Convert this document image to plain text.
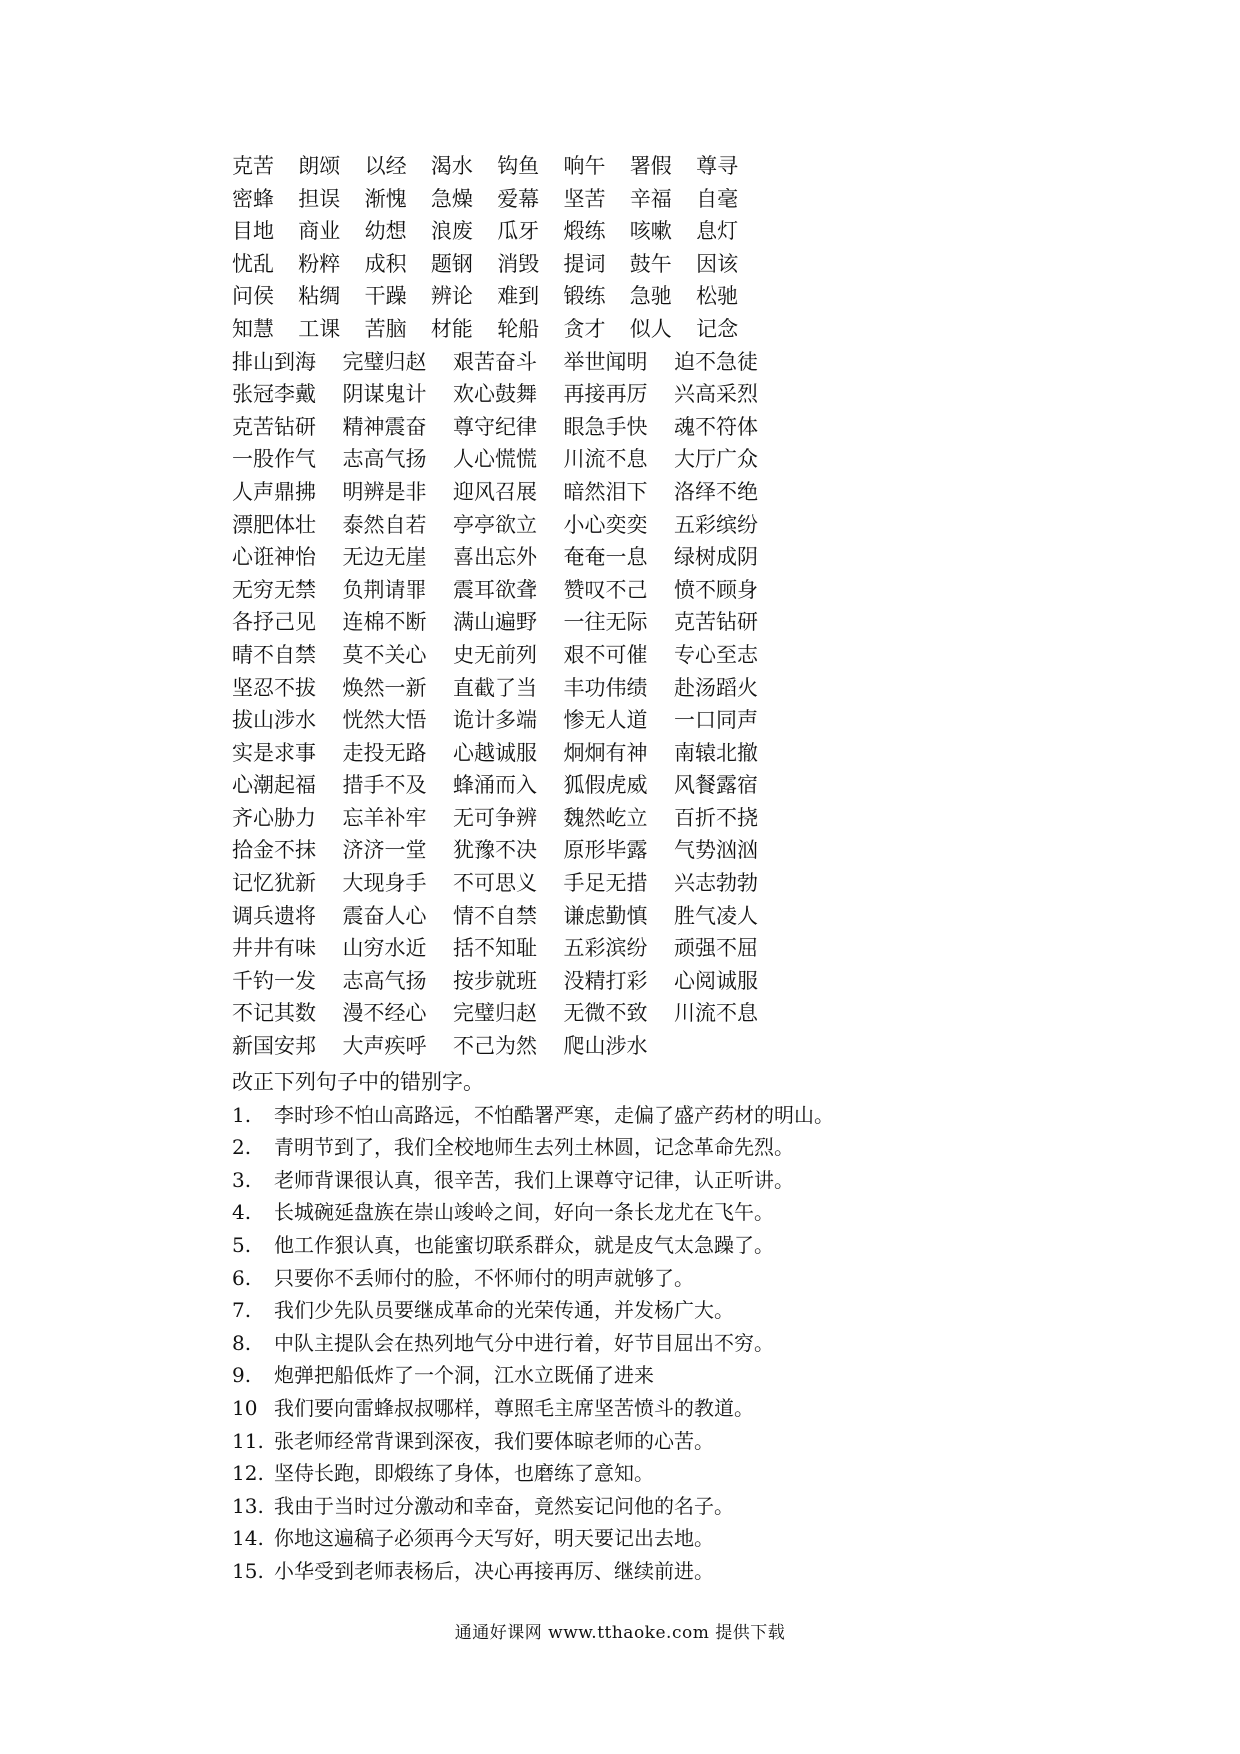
克苦	朗颂	以经	渴水	钩鱼	响午	署假	尊寻
密蜂	担误	渐愧	急燥	爱幕	坚苦	辛福	自毫
目地	商业	幼想	浪废	瓜牙	煅练	咳嗽	息灯
忧乱	粉粹	成积	题钢	消毁	提词	鼓午	因该
问侯	粘绸	干躁	辨论	难到	锻练	急驰	松驰
知慧	工课	苦脑	材能	轮船	贪才	似人	记念
排山到海	完璧归赵	艰苦奋斗	举世闻明	迫不急徒
张冠李戴	阴谋鬼计	欢心鼓舞	再接再厉	兴高采烈
克苦钻研	精神震奋	尊守纪律	眼急手快	魂不符体
一股作气	志高气扬	人心慌慌	川流不息	大厅广众
人声鼎拂	明辨是非	迎风召展	暗然泪下	洛绎不绝
漂肥体壮	泰然自若	亭亭欲立	小心奕奕	五彩缤纷
心诳神怡	无边无崖	喜出忘外	奄奄一息	绿树成阴
无穷无禁	负荆请罪	震耳欲聋	赞叹不己	愤不顾身
各抒己见	连棉不断	满山遍野	一往无际	克苦钻研
晴不自禁	莫不关心	史无前列	艰不可催	专心至志
坚忍不拔	焕然一新	直截了当	丰功伟绩	赴汤蹈火
拔山涉水	恍然大悟	诡计多端	惨无人道	一口同声
实是求事	走投无路	心越诚服	炯炯有神	南辕北撤
心潮起福	措手不及	蜂涌而入	狐假虎威	风餐露宿
齐心胁力	忘羊补牢	无可争辨	魏然屹立	百折不挠
拾金不抹	济济一堂	犹豫不决	原形毕露	气势汹汹
记忆犹新	大现身手	不可思义	手足无措	兴志勃勃
调兵遗将	震奋人心	情不自禁	谦虑勤慎	胜气凌人
井井有味	山穷水近	括不知耻	五彩滨纷	顽强不屈
千钓一发	志高气扬	按步就班	没精打彩	心阅诚服
不记其数	漫不经心	完璧归赵	无微不致	川流不息
新国安邦	大声疾呼	不己为然	爬山涉水
改正下列句子中的错别字。
1.	李时珍不怕山高路远，不怕酷署严寒，走偏了盛产药材的明山。
2.	青明节到了，我们全校地师生去列土林圆，记念革命先烈。
3.	老师背课很认真，很辛苦，我们上课尊守记律，认正听讲。
4.	长城碗延盘族在崇山竣岭之间，好向一条长龙尤在飞午。
5.	他工作狠认真，也能蜜切联系群众，就是皮气太急躁了。
6.	只要你不丢师付的脸，不怀师付的明声就够了。
7.	我们少先队员要继成革命的光荣传通，并发杨广大。
8.	中队主提队会在热列地气分中进行着，好节目屈出不穷。
9.	炮弹把船低炸了一个洞，江水立既俑了进来
10 我们要向雷蜂叔叔哪样，尊照毛主席坚苦愤斗的教道。
11. 张老师经常背课到深夜，我们要体晾老师的心苦。
12. 坚侍长跑，即煅练了身体，也磨练了意知。
13. 我由于当时过分激动和幸奋，竟然妄记问他的名子。
14. 你地这遍稿子必须再今天写好，明天要记出去地。
15. 小华受到老师表杨后，决心再接再厉、继续前进。
通通好课网 www.tthaoke.com 提供下载
